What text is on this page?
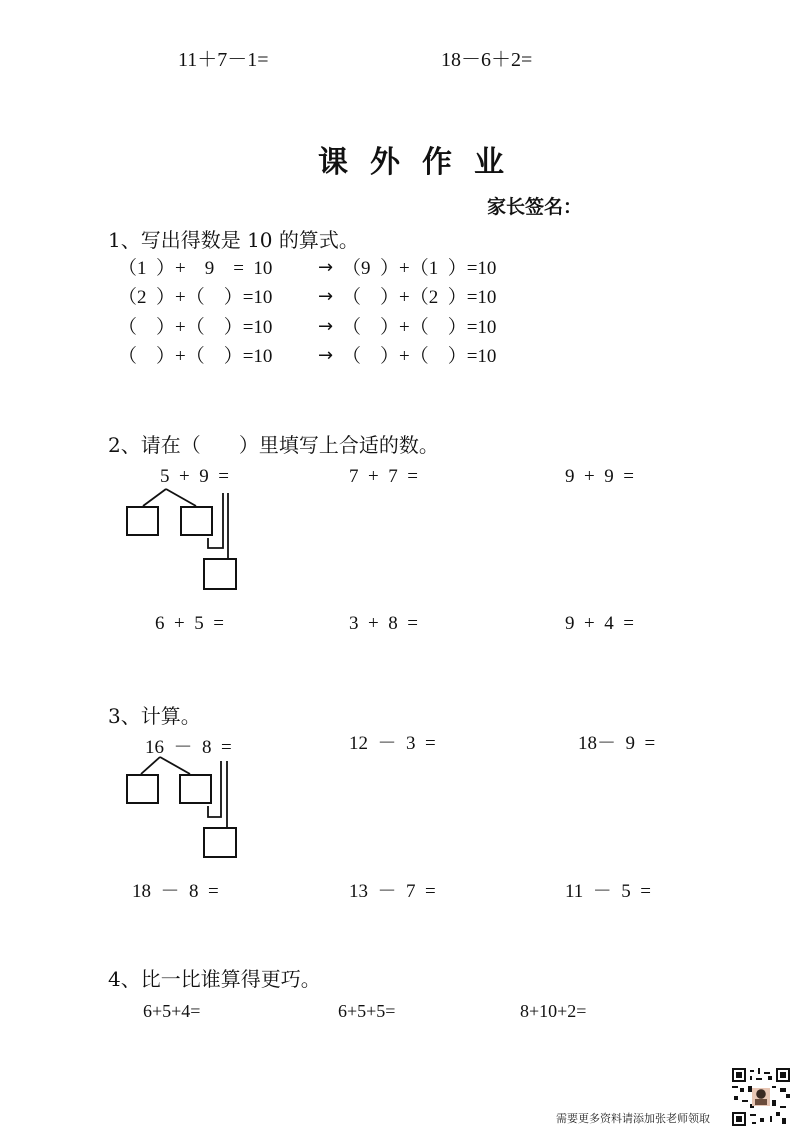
11＋7－1=	18－6＋2=
课外作业
家长签名：
1、写出得数是 10 的算式。
（1  ）+    9    =  10	→ （9  ）+（1  ）=10
（2  ）+（    ）=10	→ （    ）+（2  ）=10
（    ）+（    ）=10	→ （    ）+（    ）=10
（    ）+（    ）=10	→ （    ）+（    ）=10
2、请在（      ）里填写上合适的数。
5  +  9  =	7  +  7  =	9  +  9  =
6  +  5  =	3  +  8  =	9  +  4  =
3、计算。
16  －  8  =	12  －  3  =	18－  9  =
18  －  8  =	13  －  7  =	11  －  5  =
4、比一比谁算得更巧。
6+5+4=	6+5+5=	8+10+2=
需要更多资料请添加张老师领取
